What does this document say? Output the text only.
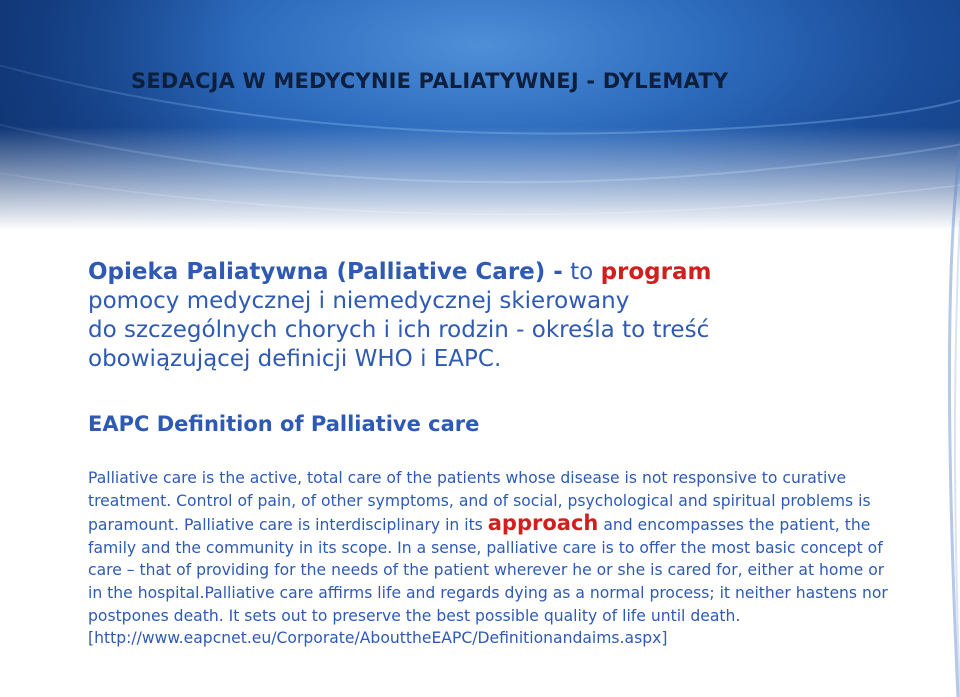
SEDACJA W MEDYCYNIE PALIATYWNEJ - DYLEMATY

Opieka Paliatywna (Palliative Care) - to program
pomocy medycznej i niemedycznej skierowany
do szczególnych chorych i ich rodzin - określa to treść
obowiązującej definicji WHO i EAPC.

EAPC Definition of Palliative care

Palliative care is the active, total care of the patients whose disease is not responsive to curative treatment. Control of pain, of other symptoms, and of social, psychological and spiritual problems is paramount. Palliative care is interdisciplinary in its approach and encompasses the patient, the family and the community in its scope. In a sense, palliative care is to offer the most basic concept of care – that of providing for the needs of the patient wherever he or she is cared for, either at home or in the hospital.Palliative care affirms life and regards dying as a normal process; it neither hastens nor postpones death. It sets out to preserve the best possible quality of life until death.
[http://www.eapcnet.eu/Corporate/AbouttheEAPC/Definitionandaims.aspx]
